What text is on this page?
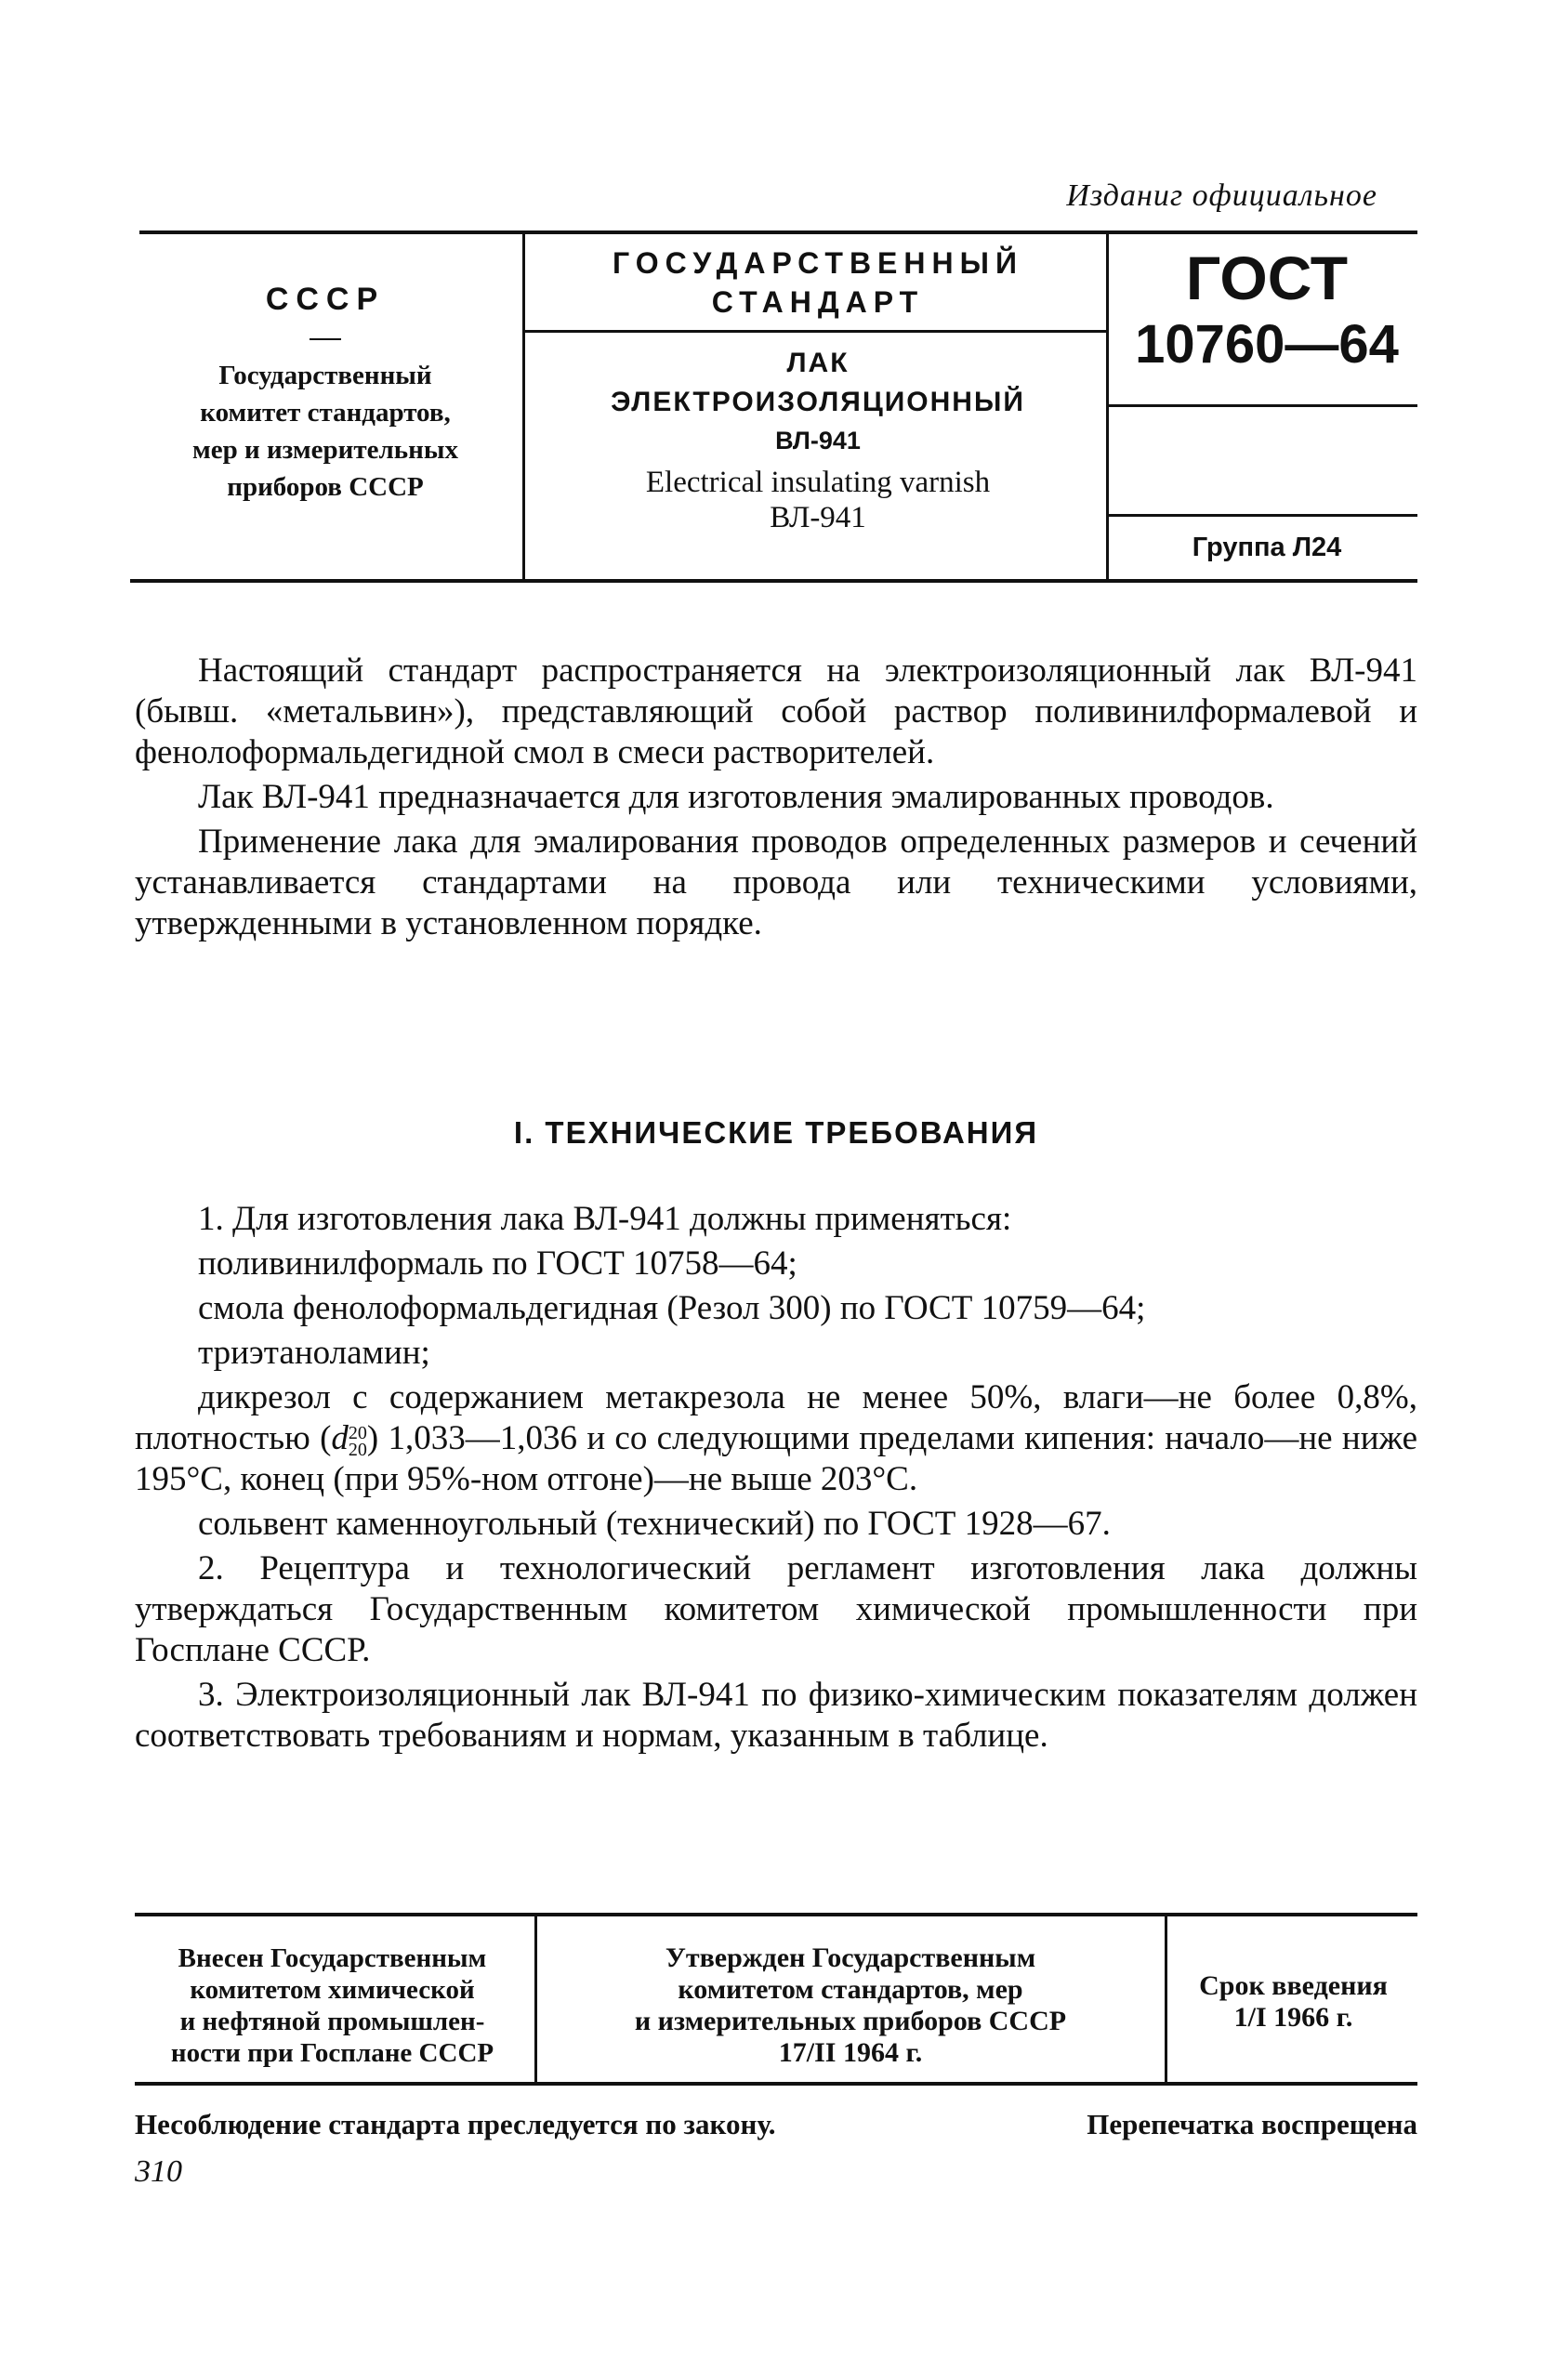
Изданиг официальное
СССР
Государственный
комитет стандартов,
мер и измерительных
приборов СССР
ГОСУДАРСТВЕННЫЙ
СТАНДАРТ
ЛАК
ЭЛЕКТРОИЗОЛЯЦИОННЫЙ
ВЛ-941
Electrical insulating varnish
ВЛ-941
ГОСТ
10760—64
Группа Л24

Настоящий стандарт распространяется на электроизоляционный лак ВЛ-941 (бывш. «метальвин»), представляющий собой раствор поливинилформалевой и фенолоформальдегидной смол в смеси растворителей.

Лак ВЛ-941 предназначается для изготовления эмалированных проводов.

Применение лака для эмалирования проводов определенных размеров и сечений устанавливается стандартами на провода или техническими условиями, утвержденными в установленном порядке.

I. ТЕХНИЧЕСКИЕ ТРЕБОВАНИЯ

1. Для изготовления лака ВЛ-941 должны применяться:

поливинилформаль по ГОСТ 10758—64;

смола фенолоформальдегидная (Резол 300) по ГОСТ 10759—64;

триэтаноламин;

дикрезол с содержанием метакрезола не менее 50%, влаги—не более 0,8%, плотностью (d 20
20 ) 1,033—1,036 и со следующими пределами кипения: начало—не ниже 195°С, конец (при 95%-ном отгоне)—не выше 203°С.

сольвент каменноугольный (технический) по ГОСТ 1928—67.

2. Рецептура и технологический регламент изготовления лака должны утверждаться Государственным комитетом химической промышленности при Госплане СССР.

3. Электроизоляционный лак ВЛ-941 по физико-химическим показателям должен соответствовать требованиям и нормам, указанным в таблице.

Внесен Государственным
комитетом химической
и нефтяной промышлен-
ности при Госплане СССР
Утвержден Государственным
комитетом стандартов, мер
и измерительных приборов СССР
17/II 1964 г.
Срок введения
1/I 1966 г.
Несоблюдение стандарта преследуется по закону.	Перепечатка воспрещена
310
